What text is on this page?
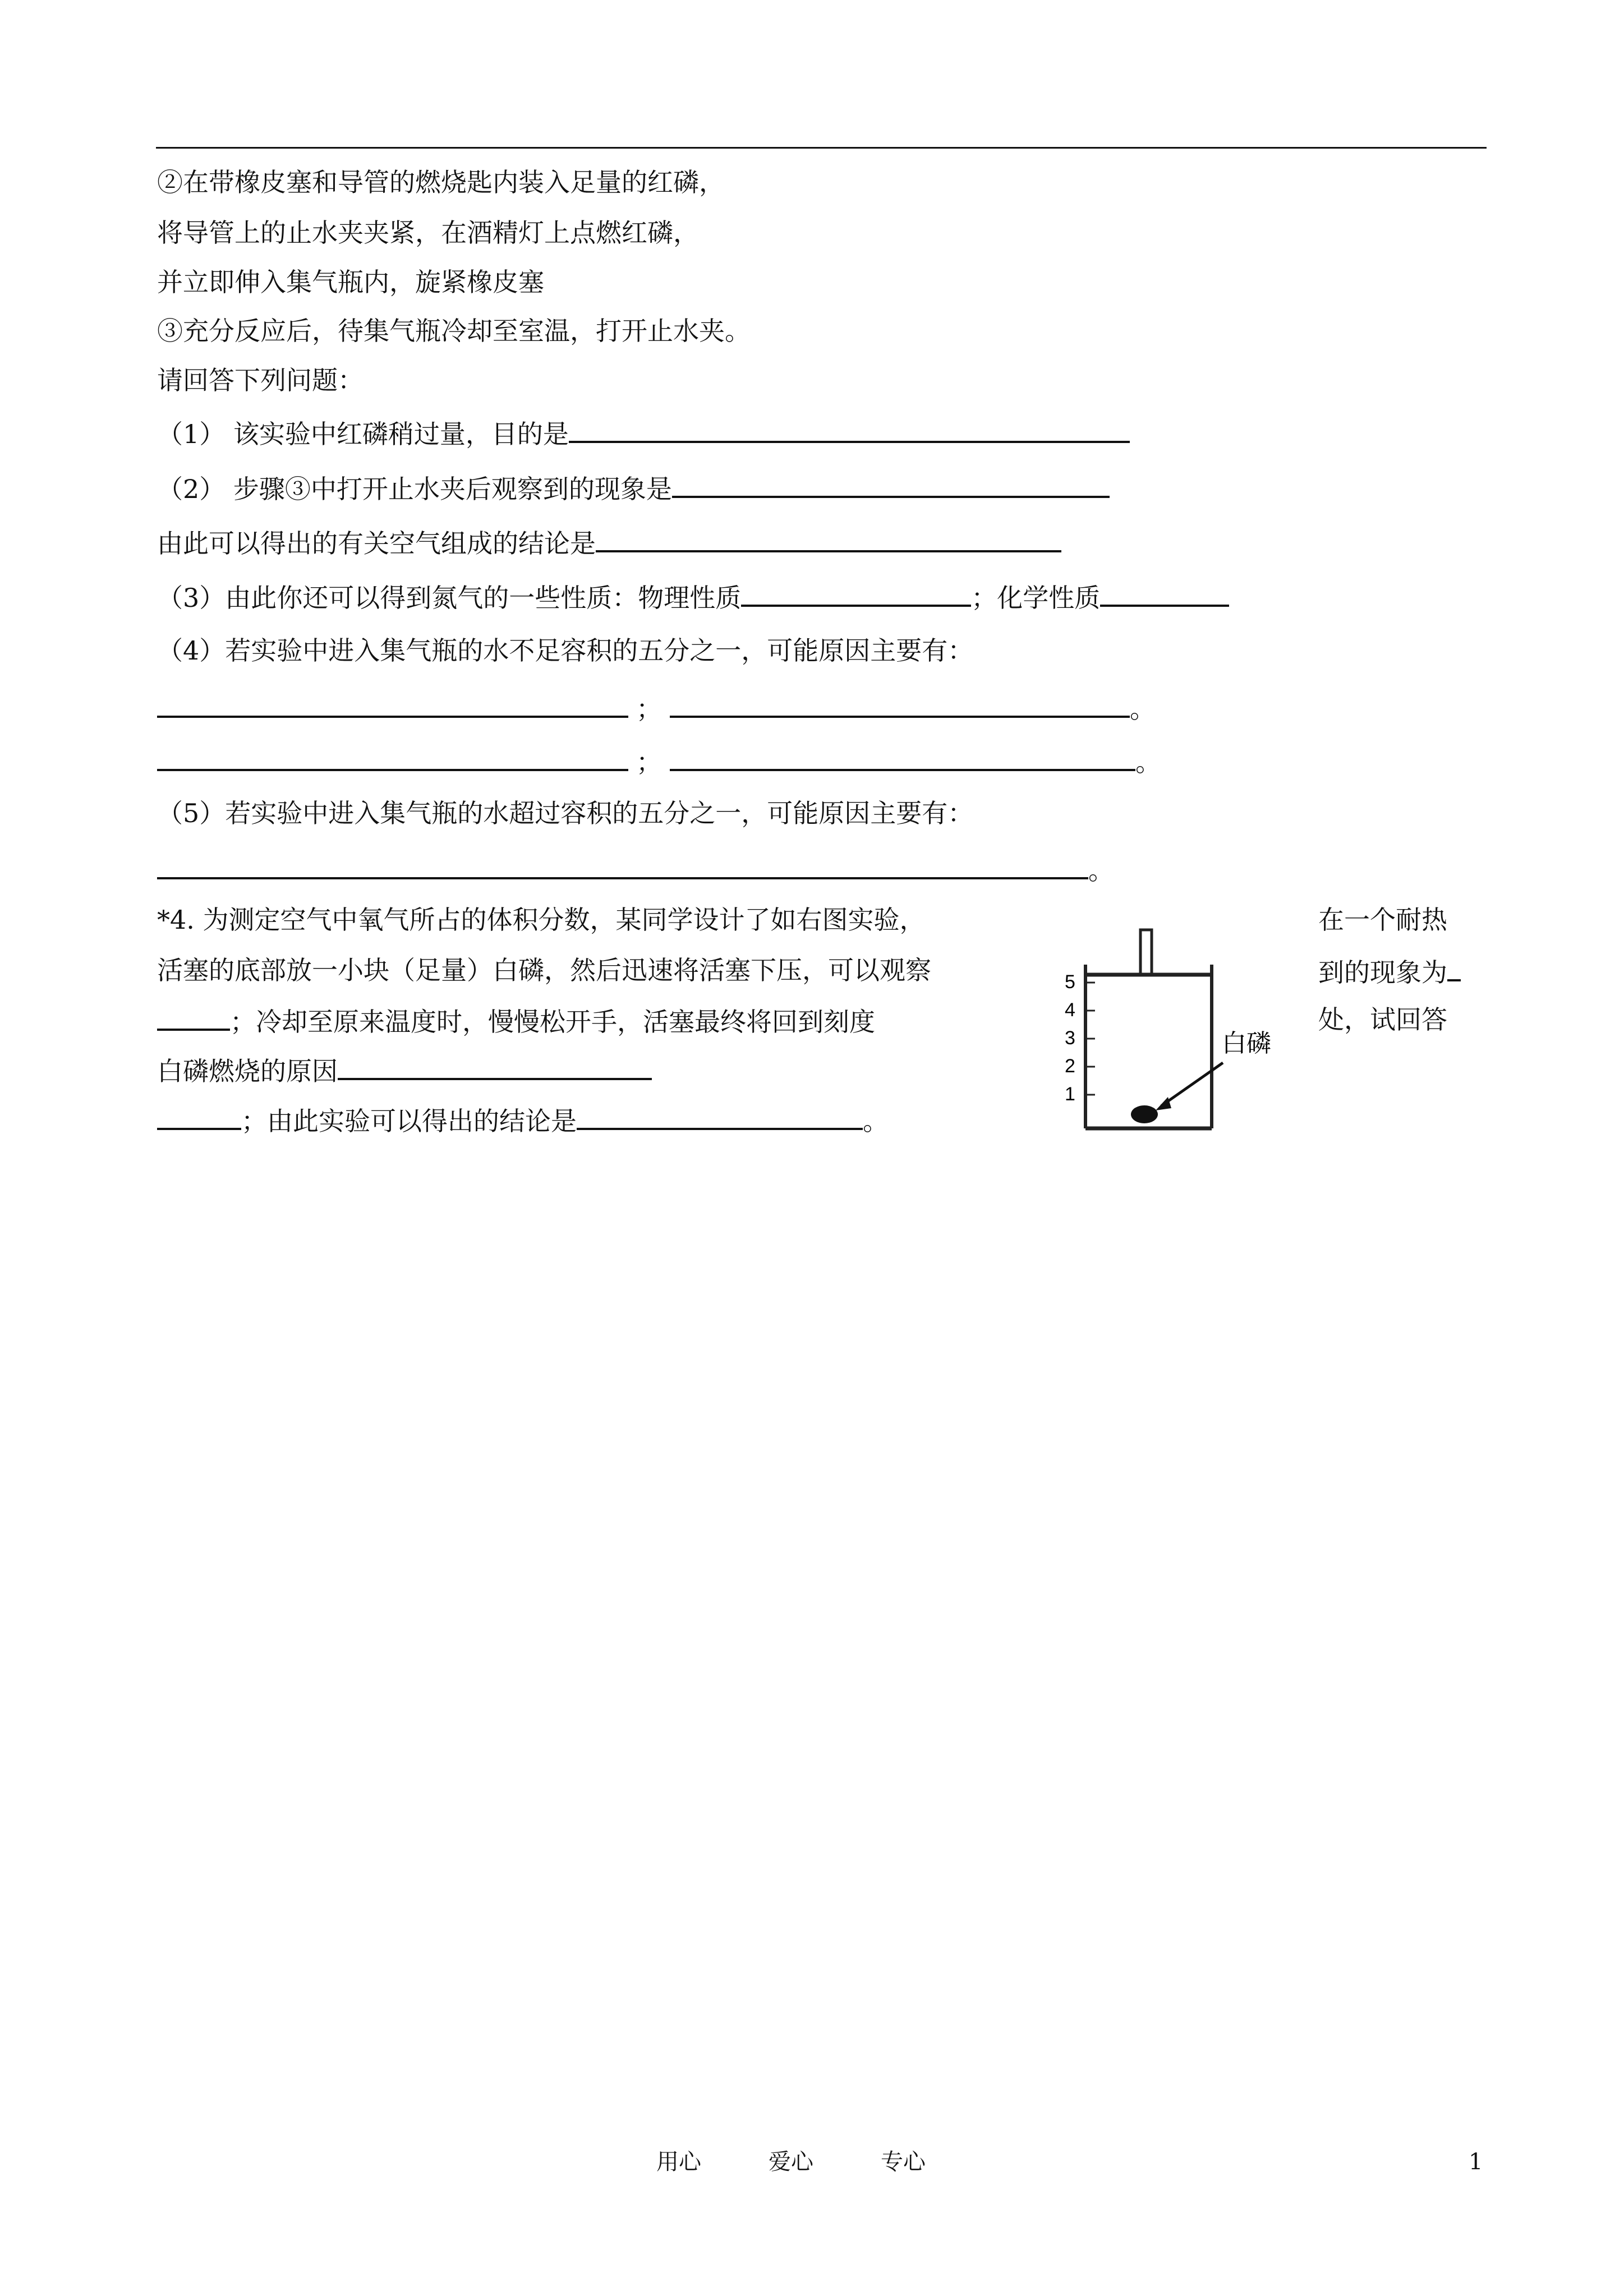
②在带橡皮塞和导管的燃烧匙内装入足量的红磷，
将导管上的止水夹夹紧，在酒精灯上点燃红磷，
并立即伸入集气瓶内，旋紧橡皮塞
③充分反应后，待集气瓶冷却至室温，打开止水夹。
请回答下列问题：
（1） 该实验中红磷稍过量，目的是
（2） 步骤③中打开止水夹后观察到的现象是
由此可以得出的有关空气组成的结论是
（3）由此你还可以得到氮气的一些性质：物理性质	；化学性质
（4）若实验中进入集气瓶的水不足容积的五分之一，可能原因主要有：
；	。
；	。
（5）若实验中进入集气瓶的水超过容积的五分之一，可能原因主要有：
。
*4. 为测定空气中氧气所占的体积分数，某同学设计了如右图实验，	在一个耐热
活塞的底部放一小块（足量）白磷，然后迅速将活塞下压，可以观察	到的现象为
；冷却至原来温度时，慢慢松开手，活塞最终将回到刻度	处，试回答
白磷燃烧的原因
；由此实验可以得出的结论是	。
5
4
3
2
1
白磷
用心	爱心	专心	1
